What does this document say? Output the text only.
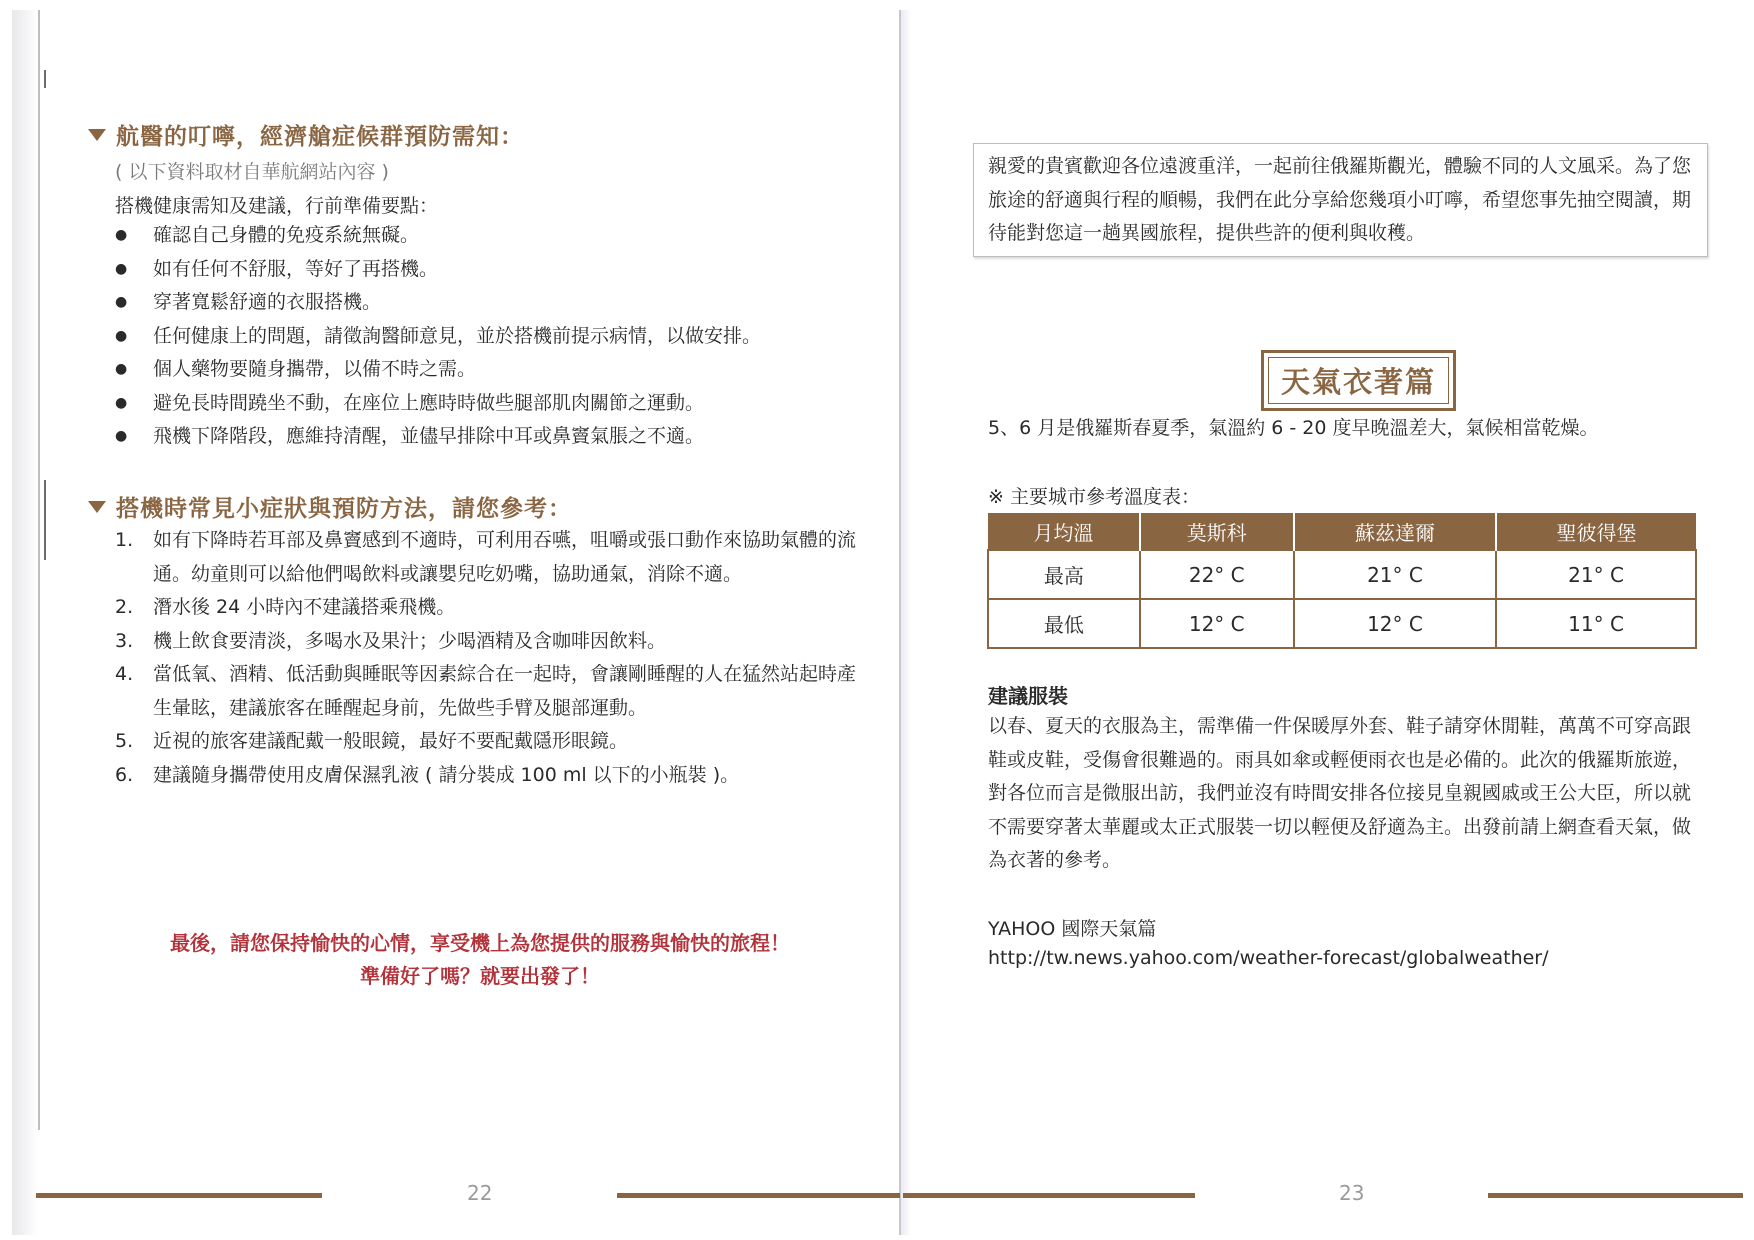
航醫的叮嚀，經濟艙症候群預防需知：
( 以下資料取材自華航網站內容 )
搭機健康需知及建議，行前準備要點：
● 確認自己身體的免疫系統無礙。
● 如有任何不舒服，等好了再搭機。
● 穿著寬鬆舒適的衣服搭機。
● 任何健康上的問題，請徵詢醫師意見，並於搭機前提示病情，以做安排。
● 個人藥物要隨身攜帶，以備不時之需。
● 避免長時間蹺坐不動，在座位上應時時做些腿部肌肉關節之運動。
● 飛機下降階段，應維持清醒，並儘早排除中耳或鼻竇氣脹之不適。
搭機時常見小症狀與預防方法，請您參考：
1. 如有下降時若耳部及鼻竇感到不適時，可利用吞嚥，咀嚼或張口動作來協助氣體的流通。幼童則可以給他們喝飲料或讓嬰兒吃奶嘴，協助通氣，消除不適。
2. 潛水後 24 小時內不建議搭乘飛機。
3. 機上飲食要清淡，多喝水及果汁；少喝酒精及含咖啡因飲料。
4. 當低氧、酒精、低活動與睡眠等因素綜合在一起時，會讓剛睡醒的人在猛然站起時產生暈眩，建議旅客在睡醒起身前，先做些手臂及腿部運動。
5. 近視的旅客建議配戴一般眼鏡，最好不要配戴隱形眼鏡。
6. 建議隨身攜帶使用皮膚保濕乳液 ( 請分裝成 100 ml 以下的小瓶裝 )。
最後，請您保持愉快的心情，享受機上為您提供的服務與愉快的旅程！
準備好了嗎？就要出發了！
22
親愛的貴賓歡迎各位遠渡重洋，一起前往俄羅斯觀光，體驗不同的人文風采。為了您旅途的舒適與行程的順暢，我們在此分享給您幾項小叮嚀，希望您事先抽空閱讀，期待能對您這一趟異國旅程，提供些許的便利與收穫。
天氣衣著篇
5、6 月是俄羅斯春夏季，氣溫約 6 - 20 度早晚溫差大，氣候相當乾燥。
※ 主要城市參考溫度表：
月均溫	莫斯科	蘇茲達爾	聖彼得堡
最高	22° C	21° C	21° C
最低	12° C	12° C	11° C
建議服裝
以春、夏天的衣服為主，需準備一件保暖厚外套、鞋子請穿休閒鞋，萬萬不可穿高跟鞋或皮鞋，受傷會很難過的。雨具如傘或輕便雨衣也是必備的。此次的俄羅斯旅遊，對各位而言是微服出訪，我們並沒有時間安排各位接見皇親國戚或王公大臣，所以就不需要穿著太華麗或太正式服裝一切以輕便及舒適為主。出發前請上網查看天氣，做為衣著的參考。
YAHOO 國際天氣篇
http://tw.news.yahoo.com/weather-forecast/globalweather/
23
